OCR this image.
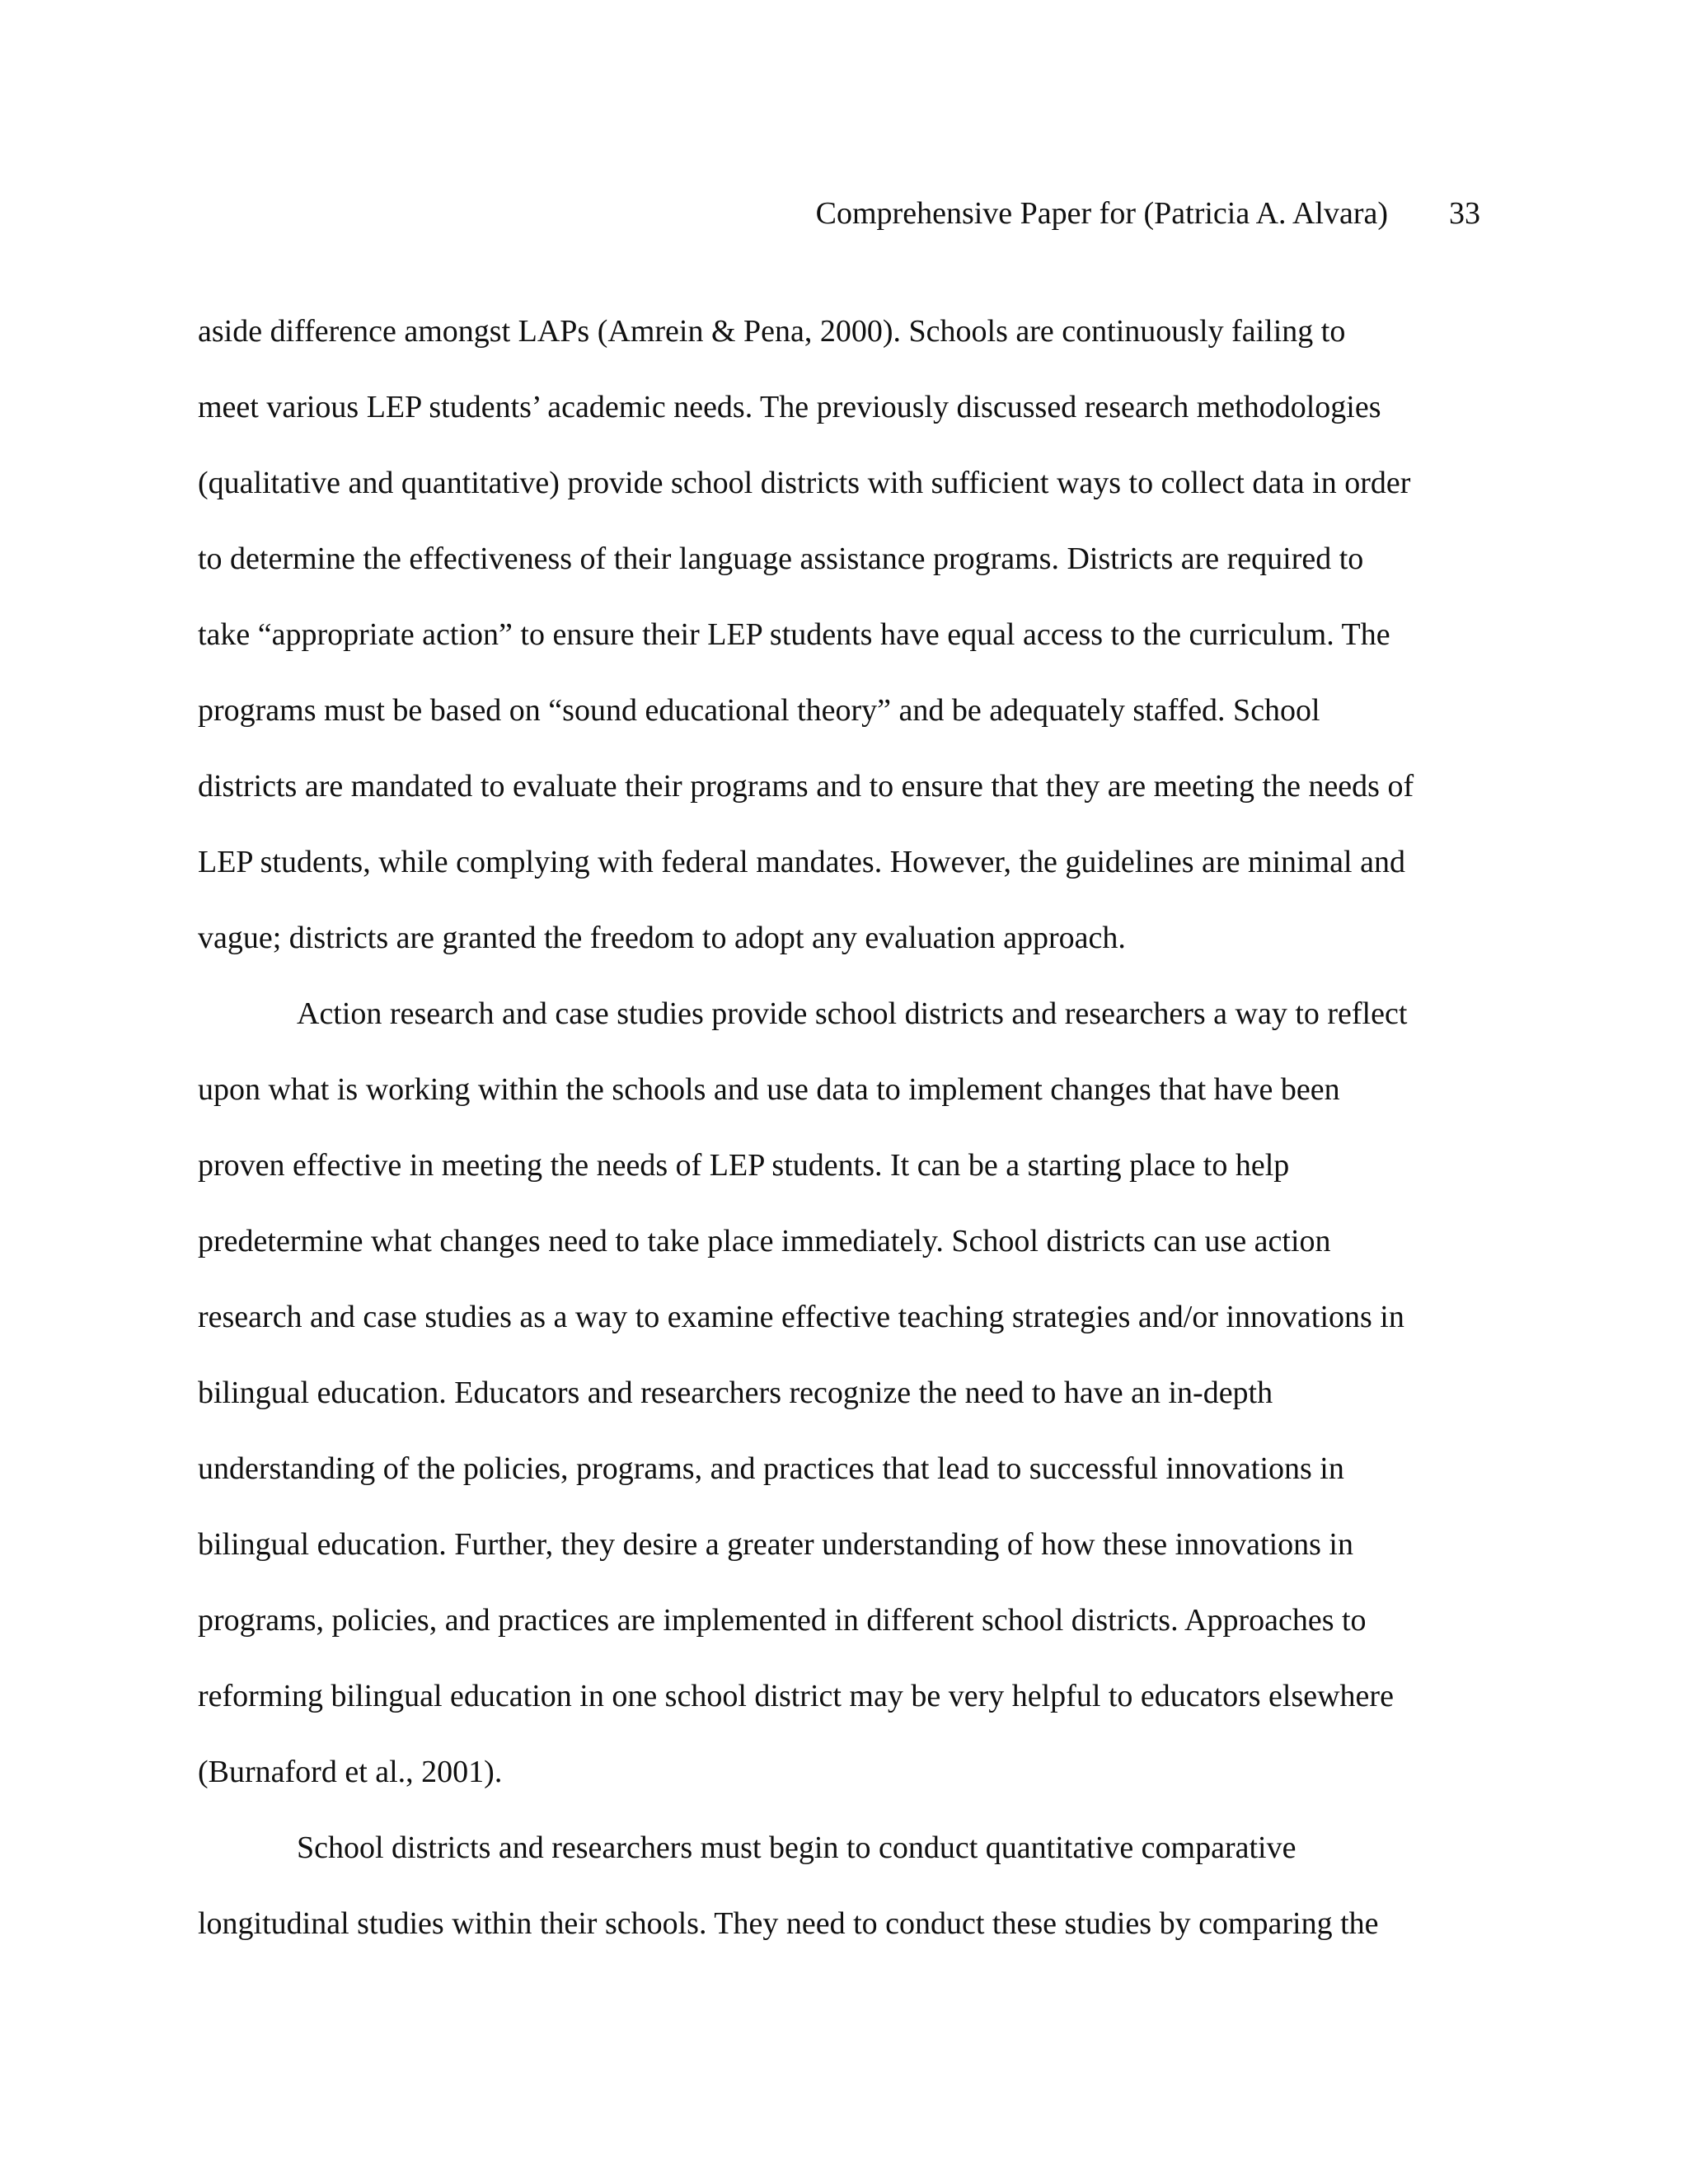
Comprehensive Paper for (Patricia A. Alvara) 33

aside difference amongst LAPs (Amrein & Pena, 2000). Schools are continuously failing to

meet various LEP students’ academic needs. The previously discussed research methodologies

(qualitative and quantitative) provide school districts with sufficient ways to collect data in order

to determine the effectiveness of their language assistance programs. Districts are required to

take “appropriate action” to ensure their LEP students have equal access to the curriculum. The

programs must be based on “sound educational theory” and be adequately staffed. School

districts are mandated to evaluate their programs and to ensure that they are meeting the needs of

LEP students, while complying with federal mandates. However, the guidelines are minimal and

vague; districts are granted the freedom to adopt any evaluation approach.

Action research and case studies provide school districts and researchers a way to reflect

upon what is working within the schools and use data to implement changes that have been

proven effective in meeting the needs of LEP students. It can be a starting place to help

predetermine what changes need to take place immediately. School districts can use action

research and case studies as a way to examine effective teaching strategies and/or innovations in

bilingual education. Educators and researchers recognize the need to have an in-depth

understanding of the policies, programs, and practices that lead to successful innovations in

bilingual education. Further, they desire a greater understanding of how these innovations in

programs, policies, and practices are implemented in different school districts. Approaches to

reforming bilingual education in one school district may be very helpful to educators elsewhere

(Burnaford et al., 2001).

School districts and researchers must begin to conduct quantitative comparative

longitudinal studies within their schools. They need to conduct these studies by comparing the
